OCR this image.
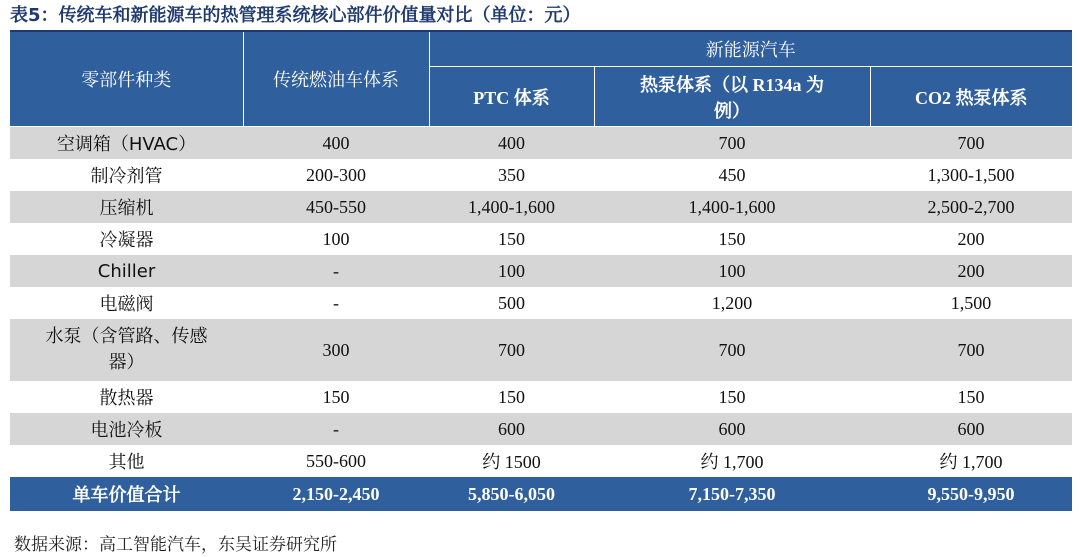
表5：传统车和新能源车的热管理系统核心部件价值量对比（单位：元）
零部件种类	传统燃油车体系	新能源汽车		
		PTC 体系	热泵体系（以 R134a 为例）	CO2 热泵体系
空调箱（HVAC）	400	400	700	700
制冷剂管	200-300	350	450	1,300-1,500
压缩机	450-550	1,400-1,600	1,400-1,600	2,500-2,700
冷凝器	100	150	150	200
Chiller	-	100	100	200
电磁阀	-	500	1,200	1,500
水泵（含管路、传感器）	300	700	700	700
散热器	150	150	150	150
电池冷板	-	600	600	600
其他	550-600	约 1500	约 1,700	约 1,700
单车价值合计	2,150-2,450	5,850-6,050	7,150-7,350	9,550-9,950
数据来源：高工智能汽车，东吴证券研究所
